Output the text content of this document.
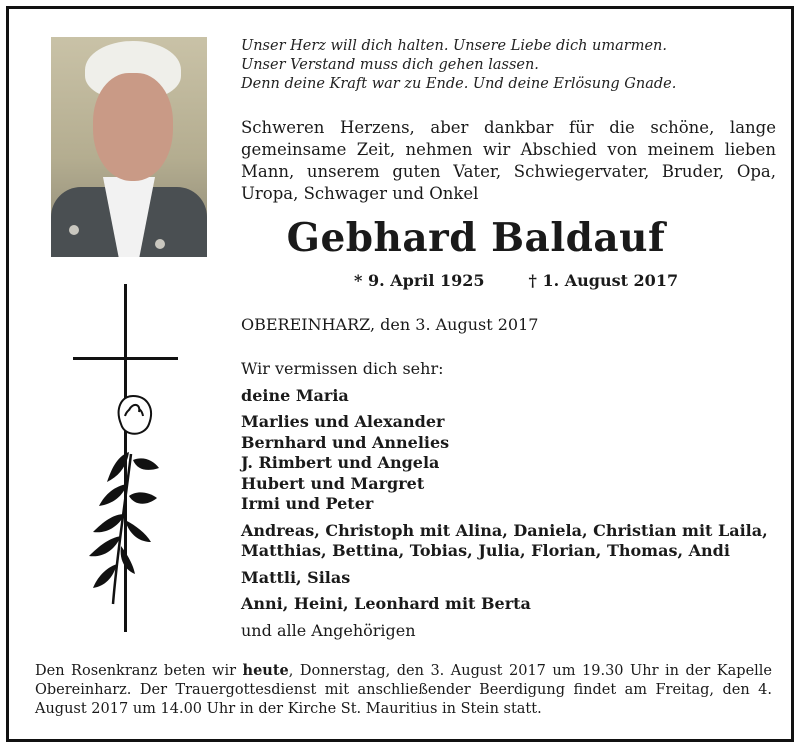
Unser Herz will dich halten. Unsere Liebe dich umarmen.
Unser Verstand muss dich gehen lassen.
Denn deine Kraft war zu Ende. Und deine Erlösung Gnade.
Schweren Herzens, aber dankbar für die schöne, lange gemeinsame Zeit, nehmen wir Abschied von meinem lieben Mann, unserem guten Vater, Schwiegervater, Bruder, Opa, Uropa, Schwager und Onkel
Gebhard Baldauf
* 9. April 1925	† 1. August 2017
OBEREINHARZ, den 3. August 2017
Wir vermissen dich sehr:
deine Maria
Marlies und Alexander
Bernhard und Annelies
J. Rimbert und Angela
Hubert und Margret
Irmi und Peter
Andreas, Christoph mit Alina, Daniela, Christian mit Laila,
Matthias, Bettina, Tobias, Julia, Florian, Thomas, Andi
Mattli, Silas
Anni, Heini, Leonhard mit Berta
und alle Angehörigen
Den Rosenkranz beten wir heute, Donnerstag, den 3. August 2017 um 19.30 Uhr in der Kapelle Obereinharz. Der Trauergottesdienst mit anschließender Beerdigung findet am Freitag, den 4. August 2017 um 14.00 Uhr in der Kirche St. Mauritius in Stein statt.
